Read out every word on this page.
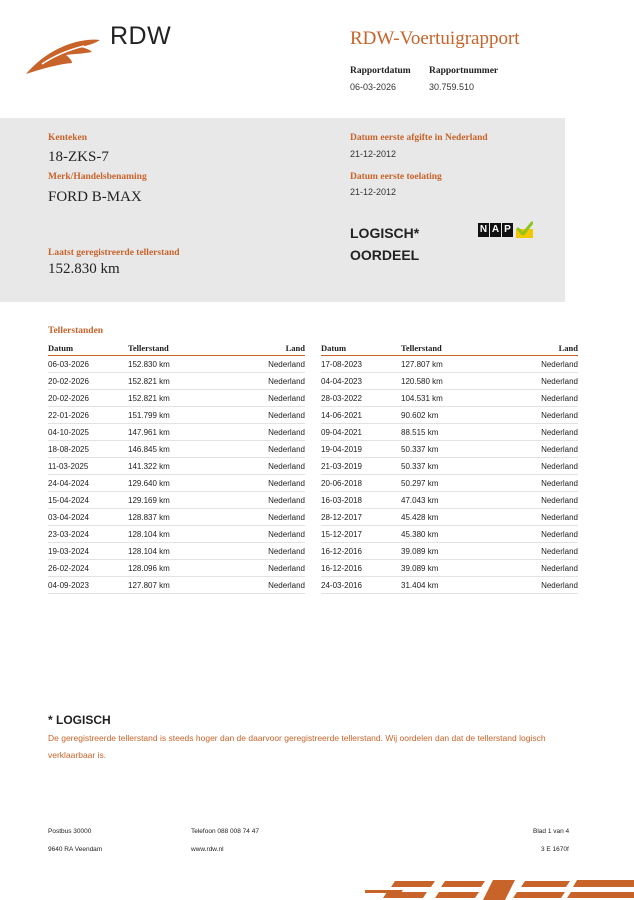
RDW	RDW-Voertuigrapport
Rapportdatum Rapportnummer
06-03-2026	30.759.510
Kenteken
18-ZKS-7
Merk/Handelsbenaming
FORD B-MAX
Laatst geregistreerde tellerstand
152.830 km
Datum eerste afgifte in Nederland
21-12-2012
Datum eerste toelating
21-12-2012
LOGISCH*
OORDEEL
N A P
Tellerstanden
Datum	Tellerstand	Land
06-03-2026	152.830 km	Nederland
20-02-2026	152.821 km	Nederland
20-02-2026	152.821 km	Nederland
22-01-2026	151.799 km	Nederland
04-10-2025	147.961 km	Nederland
18-08-2025	146.845 km	Nederland
11-03-2025	141.322 km	Nederland
24-04-2024	129.640 km	Nederland
15-04-2024	129.169 km	Nederland
03-04-2024	128.837 km	Nederland
23-03-2024	128.104 km	Nederland
19-03-2024	128.104 km	Nederland
26-02-2024	128.096 km	Nederland
04-09-2023	127.807 km	Nederland
Datum	Tellerstand	Land
17-08-2023	127.807 km	Nederland
04-04-2023	120.580 km	Nederland
28-03-2022	104.531 km	Nederland
14-06-2021	90.602 km	Nederland
09-04-2021	88.515 km	Nederland
19-04-2019	50.337 km	Nederland
21-03-2019	50.337 km	Nederland
20-06-2018	50.297 km	Nederland
16-03-2018	47.043 km	Nederland
28-12-2017	45.428 km	Nederland
15-12-2017	45.380 km	Nederland
16-12-2016	39.089 km	Nederland
16-12-2016	39.089 km	Nederland
24-03-2016	31.404 km	Nederland
* LOGISCH
De geregistreerde tellerstand is steeds hoger dan de daarvoor geregistreerde tellerstand. Wij oordelen dan dat de tellerstand logisch verklaarbaar is.
Postbus 30000
9640 RA Veendam
Telefoon 088 008 74 47
www.rdw.nl
Blad 1 van 4
3 E 1670f
